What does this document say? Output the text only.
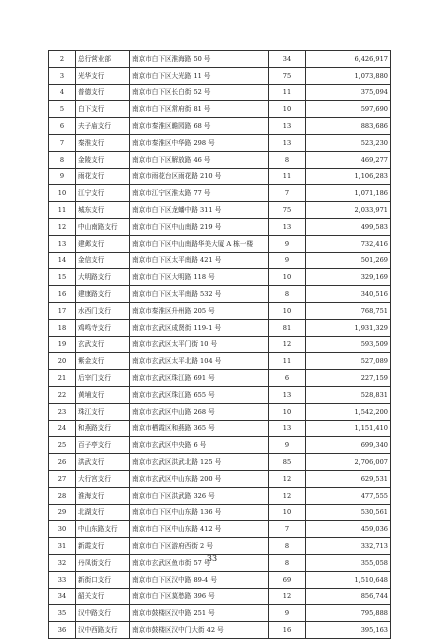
2	总行营业部	南京市白下区淮海路 50 号	34	6,426,917
3	光华支行	南京市白下区大光路 11 号	75	1,073,880
4	普德支行	南京市白下区长白街 52 号	11	375,094
5	白下支行	南京市白下区常府街 81 号	10	597,690
6	夫子庙支行	南京市秦淮区瞻园路 68 号	13	883,686
7	秦淮支行	南京市秦淮区中华路 298 号	13	523,230
8	金陵支行	南京市白下区解放路 46 号	8	469,277
9	雨花支行	南京市雨花台区雨花路 210 号	11	1,106,283
10	江宁支行	南京市江宁区淮太路 77 号	7	1,071,186
11	城东支行	南京市白下区龙蟠中路 311 号	75	2,033,971
12	中山南路支行	南京市白下区中山南路 219 号	13	499,583
13	建邺支行	南京市白下区中山南路华美大厦 A 栋一楼	9	732,416
14	金信支行	南京市白下区太平南路 421 号	9	501,269
15	大明路支行	南京市白下区大明路 118 号	10	329,169
16	建康路支行	南京市白下区太平南路 532 号	8	340,516
17	水西门支行	南京市秦淮区升州路 205 号	10	768,751
18	鸡鸣寺支行	南京市玄武区成贤街 119-1 号	81	1,931,329
19	玄武支行	南京市玄武区太平门街 10 号	12	593,509
20	紫金支行	南京市玄武区太平北路 104 号	11	527,089
21	后宰门支行	南京市玄武区珠江路 691 号	6	227,159
22	黄埔支行	南京市玄武区珠江路 655 号	13	528,831
23	珠江支行	南京市玄武区中山路 268 号	10	1,542,200
24	和燕路支行	南京市栖霞区和燕路 365 号	13	1,151,410
25	百子亭支行	南京市玄武区中央路 6 号	9	699,340
26	洪武支行	南京市玄武区洪武北路 125 号	85	2,706,007
27	大行宫支行	南京市玄武区中山东路 200 号	12	629,531
28	淮海支行	南京市白下区洪武路 326 号	12	477,555
29	北湖支行	南京市白下区中山东路 136 号	10	530,561
30	中山东路支行	南京市白下区中山东路 412 号	7	459,036
31	新霞支行	南京市白下区游府西街 2 号	8	332,713
32	丹凤街支行	南京市玄武区鱼市街 57 号	8	355,058
33	新街口支行	南京市白下区汉中路 89-4 号	69	1,510,648
34	韶关支行	南京市白下区莫愁路 396 号	12	856,744
35	汉中路支行	南京市鼓楼区汉中路 251 号	9	795,888
36	汉中西路支行	南京市鼓楼区汉中门大街 42 号	16	395,163
33
